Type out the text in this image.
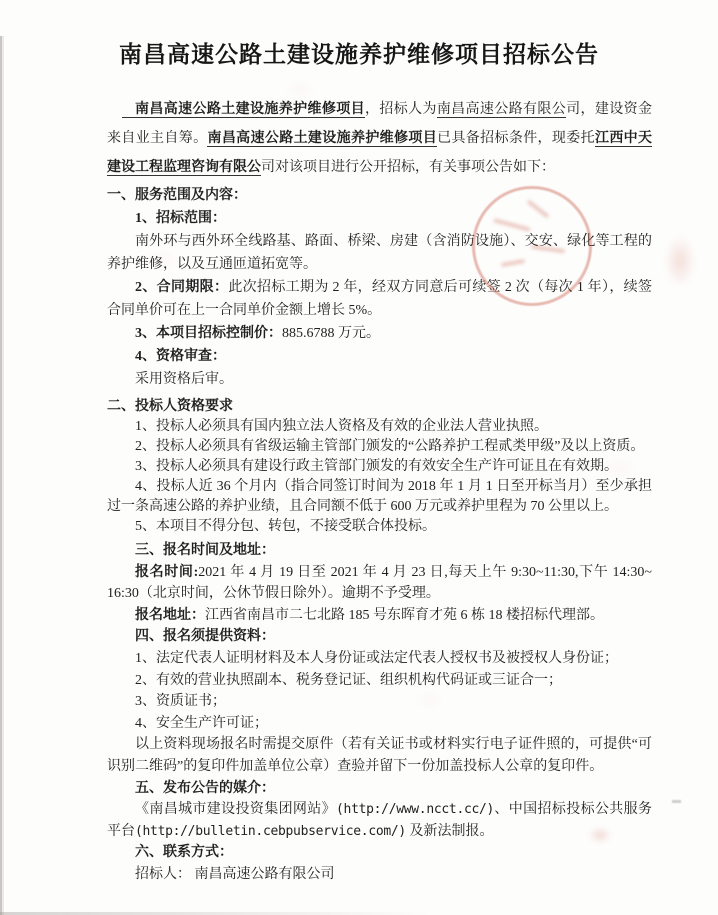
南昌高速公路土建设施养护维修项目招标公告

南昌高速公路土建设施养护维修项目，招标人为南昌高速公路有限公司，建设资金来自业主自筹。南昌高速公路土建设施养护维修项目已具备招标条件，现委托江西中天建设工程监理咨询有限公司对该项目进行公开招标，有关事项公告如下：

一、服务范围及内容：

1、招标范围：

南外环与西外环全线路基、路面、桥梁、房建（含消防设施）、交安、绿化等工程的养护维修，以及互通匝道拓宽等。

2、合同期限：此次招标工期为 2 年，经双方同意后可续签 2 次（每次 1 年），续签合同单价可在上一合同单价金额上增长 5%。

3、本项目招标控制价：885.6788 万元。

4、资格审查：

采用资格后审。

二、投标人资格要求

1、投标人必须具有国内独立法人资格及有效的企业法人营业执照。

2、投标人必须具有省级运输主管部门颁发的“公路养护工程贰类甲级”及以上资质。

3、投标人必须具有建设行政主管部门颁发的有效安全生产许可证且在有效期。

4、投标人近 36 个月内（指合同签订时间为 2018 年 1 月 1 日至开标当月）至少承担过一条高速公路的养护业绩，且合同额不低于 600 万元或养护里程为 70 公里以上。

5、本项目不得分包、转包，不接受联合体投标。

三、报名时间及地址：

报名时间:2021 年 4 月 19 日至 2021 年 4 月 23 日,每天上午 9:30~11:30,下午 14:30~​16:30（北京时间，公休节假日除外）。逾期不予受理。

报名地址：江西省南昌市二七北路 185 号东晖育才苑 6 栋 18 楼招标代理部。

四、报名须提供资料：

1、法定代表人证明材料及本人身份证或法定代表人授权书及被授权人身份证；

2、有效的营业执照副本、税务登记证、组织机构代码证或三证合一；

3、资质证书；

4、安全生产许可证；

以上资料现场报名时需提交原件（若有关证书或材料实行电子证件照的，可提供“可识别二维码”的复印件加盖单位公章）查验并留下一份加盖投标人公章的复印件。

五、发布公告的媒介：

《南昌城市建设投资集团网站》(http://www.ncct.cc/)、中国招标投标公共服务平台(http://bulletin.cebpubservice.com/) 及新法制报。

六、联系方式：

招标人： 南昌高速公路有限公司
